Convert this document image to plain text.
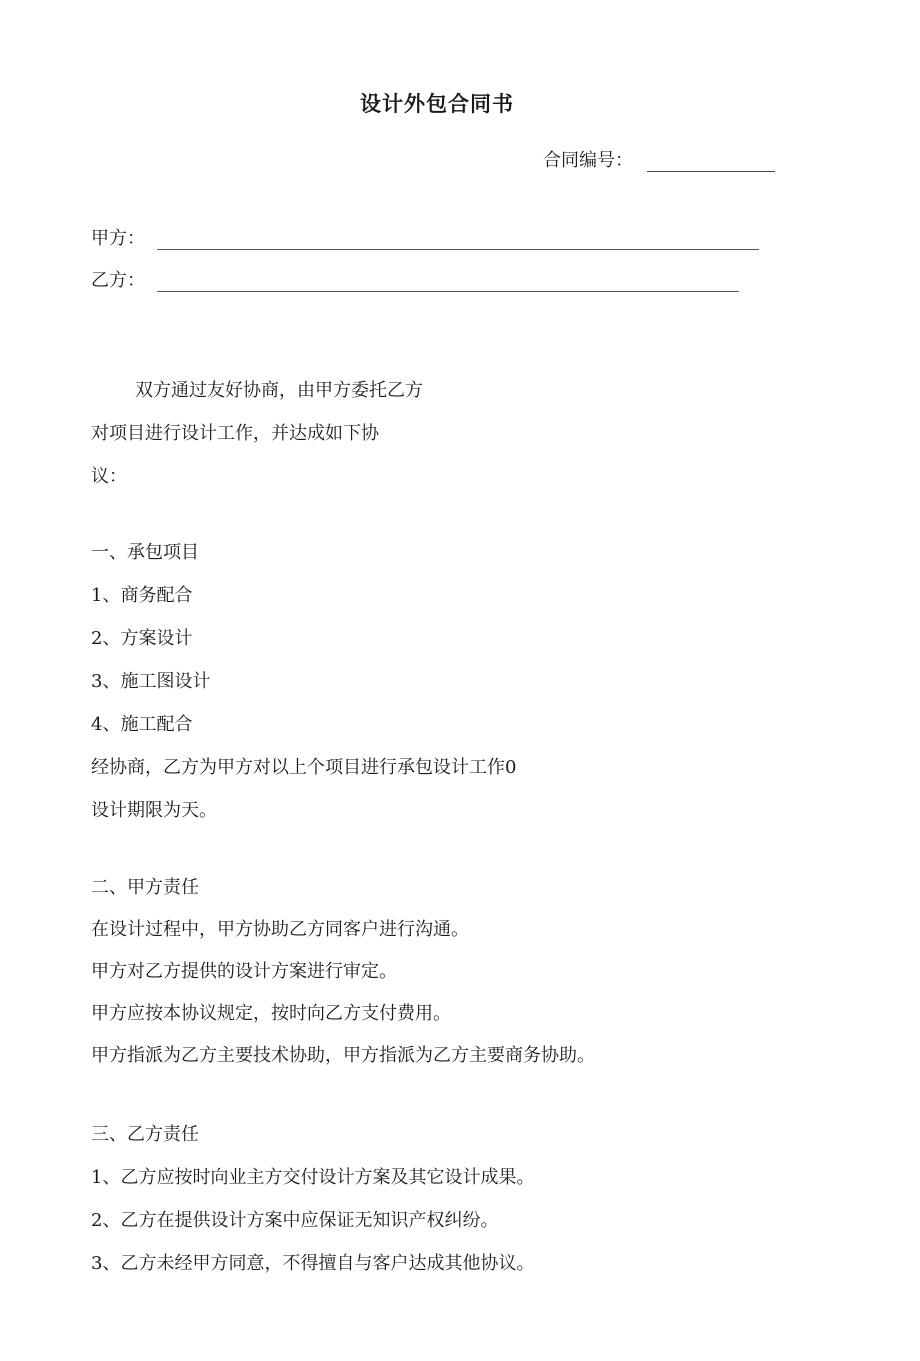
设计外包合同书
合同编号：
甲方：
乙方：
双方通过友好协商，由甲方委托乙方
对项目进行设计工作，并达成如下协
议：
一、承包项目
1、商务配合
2、方案设计
3、施工图设计
4、施工配合
经协商，乙方为甲方对以上个项目进行承包设计工作0
设计期限为天。
二、甲方责任
在设计过程中，甲方协助乙方同客户进行沟通。
甲方对乙方提供的设计方案进行审定。
甲方应按本协议规定，按时向乙方支付费用。
甲方指派为乙方主要技术协助，甲方指派为乙方主要商务协助。
三、乙方责任
1、乙方应按时向业主方交付设计方案及其它设计成果。
2、乙方在提供设计方案中应保证无知识产权纠纷。
3、乙方未经甲方同意，不得擅自与客户达成其他协议。
